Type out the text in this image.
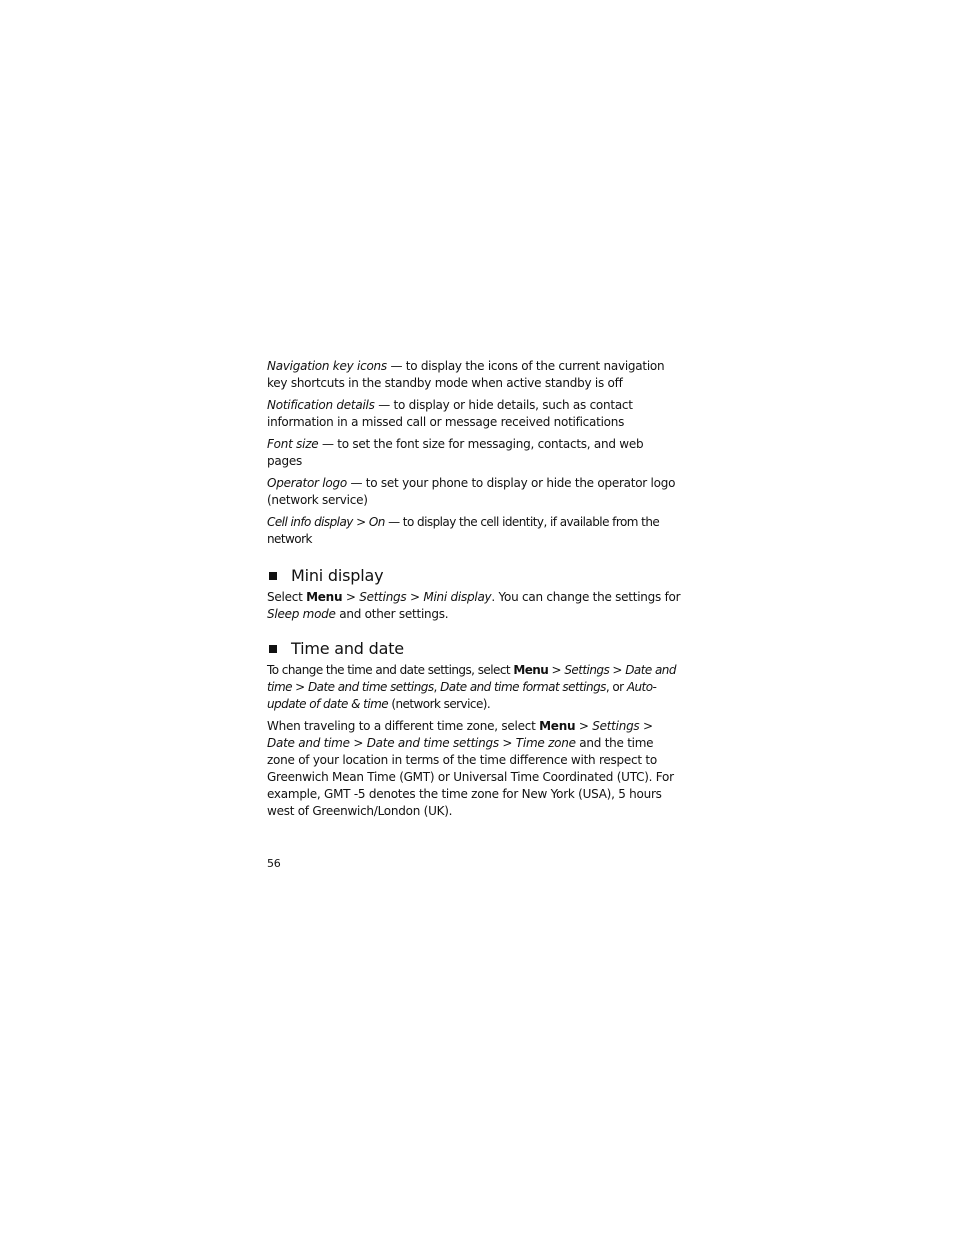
Navigation key icons — to display the icons of the current navigation key shortcuts in the standby mode when active standby is off

Notification details — to display or hide details, such as contact information in a missed call or message received notifications

Font size — to set the font size for messaging, contacts, and web pages

Operator logo — to set your phone to display or hide the operator logo (network service)

Cell info display > On — to display the cell identity, if available from the network

Mini display

Select Menu > Settings > Mini display. You can change the settings for Sleep mode and other settings.

Time and date

To change the time and date settings, select Menu > Settings > Date and time > Date and time settings, Date and time format settings, or Auto-update of date & time (network service).

When traveling to a different time zone, select Menu > Settings > Date and time > Date and time settings > Time zone and the time zone of your location in terms of the time difference with respect to Greenwich Mean Time (GMT) or Universal Time Coordinated (UTC). For example, GMT -5 denotes the time zone for New York (USA), 5 hours west of Greenwich/London (UK).

56
